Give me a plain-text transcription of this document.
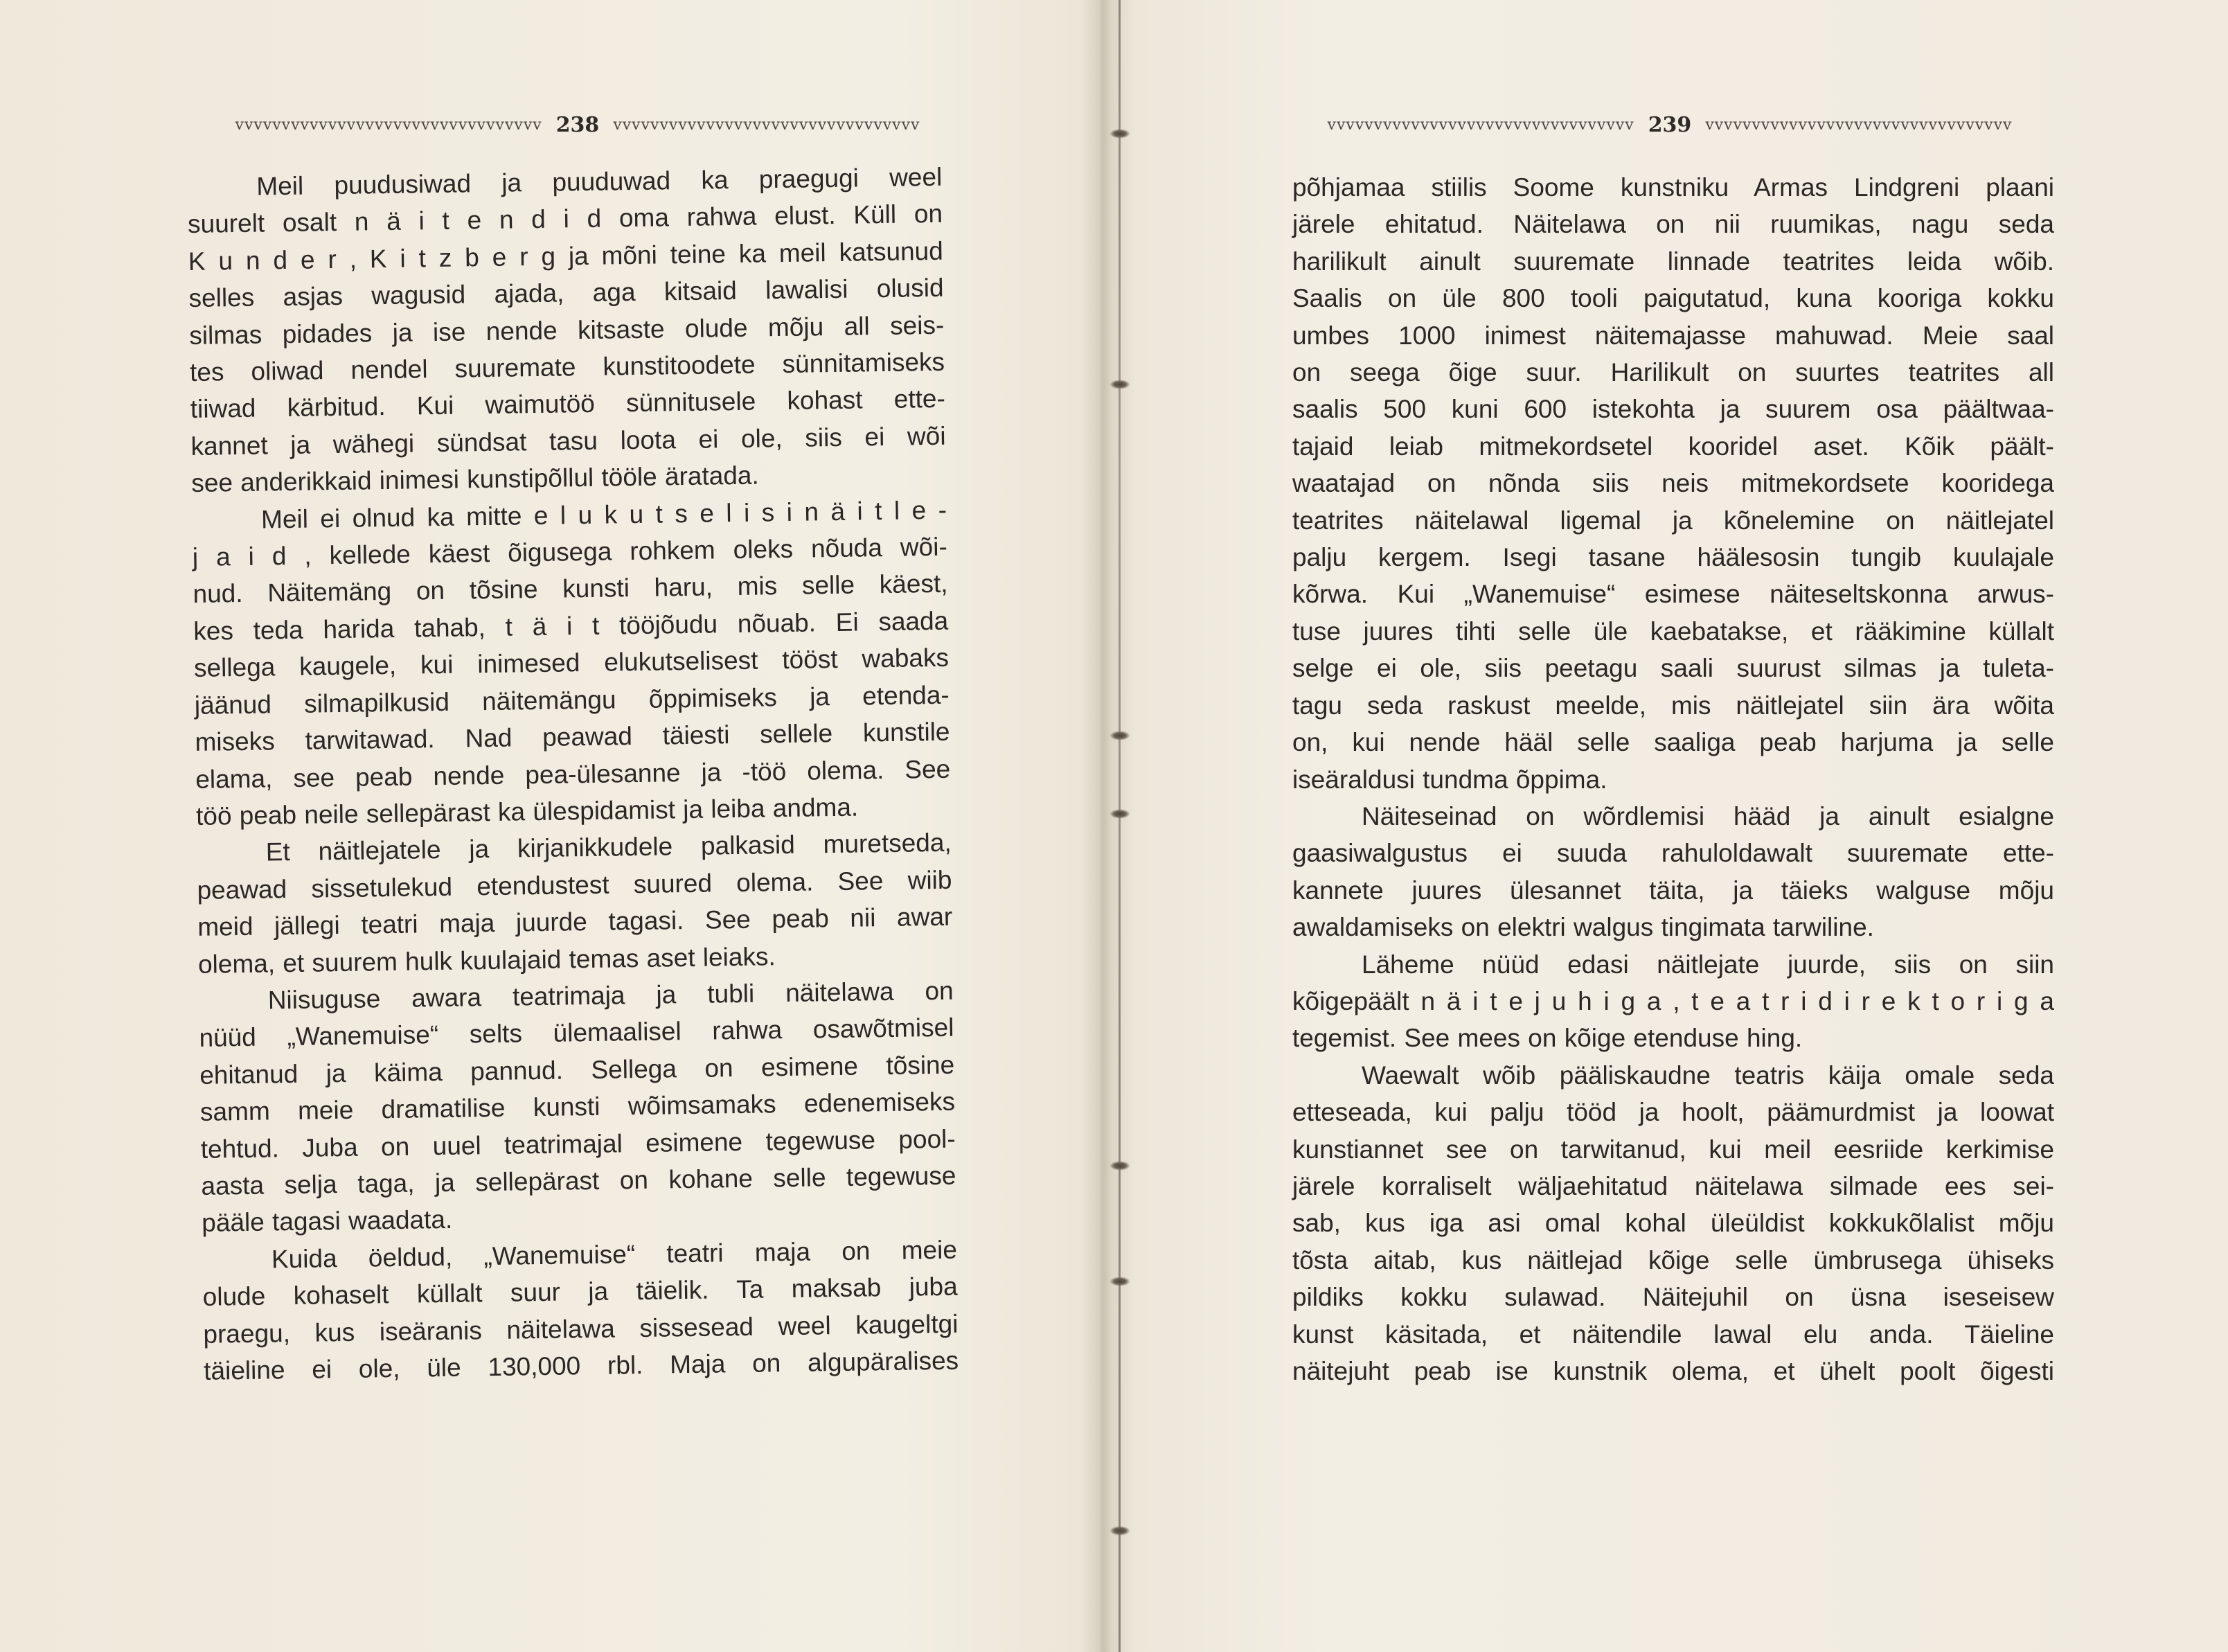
vvvvvvvvvvvvvvvvvvvvvvvvvvvvvvvvv 238 vvvvvvvvvvvvvvvvvvvvvvvvvvvvvvvvv
Meil puudusiwad ja puuduwad ka praegugi weel
suurelt osalt n ä i t e n d i d oma rahwa elust. Küll on
K u n d e r , K i t z b e r g ja mõni teine ka meil katsunud
selles asjas wagusid ajada, aga kitsaid lawalisi olusid
silmas pidades ja ise nende kitsaste olude mõju all seis-
tes oliwad nendel suuremate kunstitoodete sünnitamiseks
tiiwad kärbitud. Kui waimutöö sünnitusele kohast ette-
kannet ja wähegi sündsat tasu loota ei ole, siis ei wõi
see anderikkaid inimesi kunstipõllul tööle äratada.
Meil ei olnud ka mitte e l u k u t s e l i s i n ä i t l e -
j a i d , kellede käest õigusega rohkem oleks nõuda wõi-
nud. Näitemäng on tõsine kunsti haru, mis selle käest,
kes teda harida tahab, t ä i t tööjõudu nõuab. Ei saada
sellega kaugele, kui inimesed elukutselisest tööst wabaks
jäänud silmapilkusid näitemängu õppimiseks ja etenda-
miseks tarwitawad. Nad peawad täiesti sellele kunstile
elama, see peab nende pea-ülesanne ja -töö olema. See
töö peab neile sellepärast ka ülespidamist ja leiba andma.
Et näitlejatele ja kirjanikkudele palkasid muretseda,
peawad sissetulekud etendustest suured olema. See wiib
meid jällegi teatri maja juurde tagasi. See peab nii awar
olema, et suurem hulk kuulajaid temas aset leiaks.
Niisuguse awara teatrimaja ja tubli näitelawa on
nüüd „Wanemuise“ selts ülemaalisel rahwa osawõtmisel
ehitanud ja käima pannud. Sellega on esimene tõsine
samm meie dramatilise kunsti wõimsamaks edenemiseks
tehtud. Juba on uuel teatrimajal esimene tegewuse pool-
aasta selja taga, ja sellepärast on kohane selle tegewuse
pääle tagasi waadata.
Kuida öeldud, „Wanemuise“ teatri maja on meie
olude kohaselt küllalt suur ja täielik. Ta maksab juba
praegu, kus iseäranis näitelawa sissesead weel kaugeltgi
täieline ei ole, üle 130,000 rbl. Maja on algupäralises
vvvvvvvvvvvvvvvvvvvvvvvvvvvvvvvvv 239 vvvvvvvvvvvvvvvvvvvvvvvvvvvvvvvvv
põhjamaa stiilis Soome kunstniku Armas Lindgreni plaani
järele ehitatud. Näitelawa on nii ruumikas, nagu seda
harilikult ainult suuremate linnade teatrites leida wõib.
Saalis on üle 800 tooli paigutatud, kuna kooriga kokku
umbes 1000 inimest näitemajasse mahuwad. Meie saal
on seega õige suur. Harilikult on suurtes teatrites all
saalis 500 kuni 600 istekohta ja suurem osa päältwaa-
tajaid leiab mitmekordsetel kooridel aset. Kõik päält-
waatajad on nõnda siis neis mitmekordsete kooridega
teatrites näitelawal ligemal ja kõnelemine on näitlejatel
palju kergem. Isegi tasane häälesosin tungib kuulajale
kõrwa. Kui „Wanemuise“ esimese näiteseltskonna arwus-
tuse juures tihti selle üle kaebatakse, et rääkimine küllalt
selge ei ole, siis peetagu saali suurust silmas ja tuleta-
tagu seda raskust meelde, mis näitlejatel siin ära wõita
on, kui nende hääl selle saaliga peab harjuma ja selle
iseäraldusi tundma õppima.
Näiteseinad on wõrdlemisi hääd ja ainult esialgne
gaasiwalgustus ei suuda rahuloldawalt suuremate ette-
kannete juures ülesannet täita, ja täieks walguse mõju
awaldamiseks on elektri walgus tingimata tarwiline.
Läheme nüüd edasi näitlejate juurde, siis on siin
kõigepäält n ä i t e j u h i g a , t e a t r i d i r e k t o r i g a
tegemist. See mees on kõige etenduse hing.
Waewalt wõib pääliskaudne teatris käija omale seda
etteseada, kui palju tööd ja hoolt, päämurdmist ja loowat
kunstiannet see on tarwitanud, kui meil eesriide kerkimise
järele korraliselt wäljaehitatud näitelawa silmade ees sei-
sab, kus iga asi omal kohal üleüldist kokkukõlalist mõju
tõsta aitab, kus näitlejad kõige selle ümbrusega ühiseks
pildiks kokku sulawad. Näitejuhil on üsna iseseisew
kunst käsitada, et näitendile lawal elu anda. Täieline
näitejuht peab ise kunstnik olema, et ühelt poolt õigesti
